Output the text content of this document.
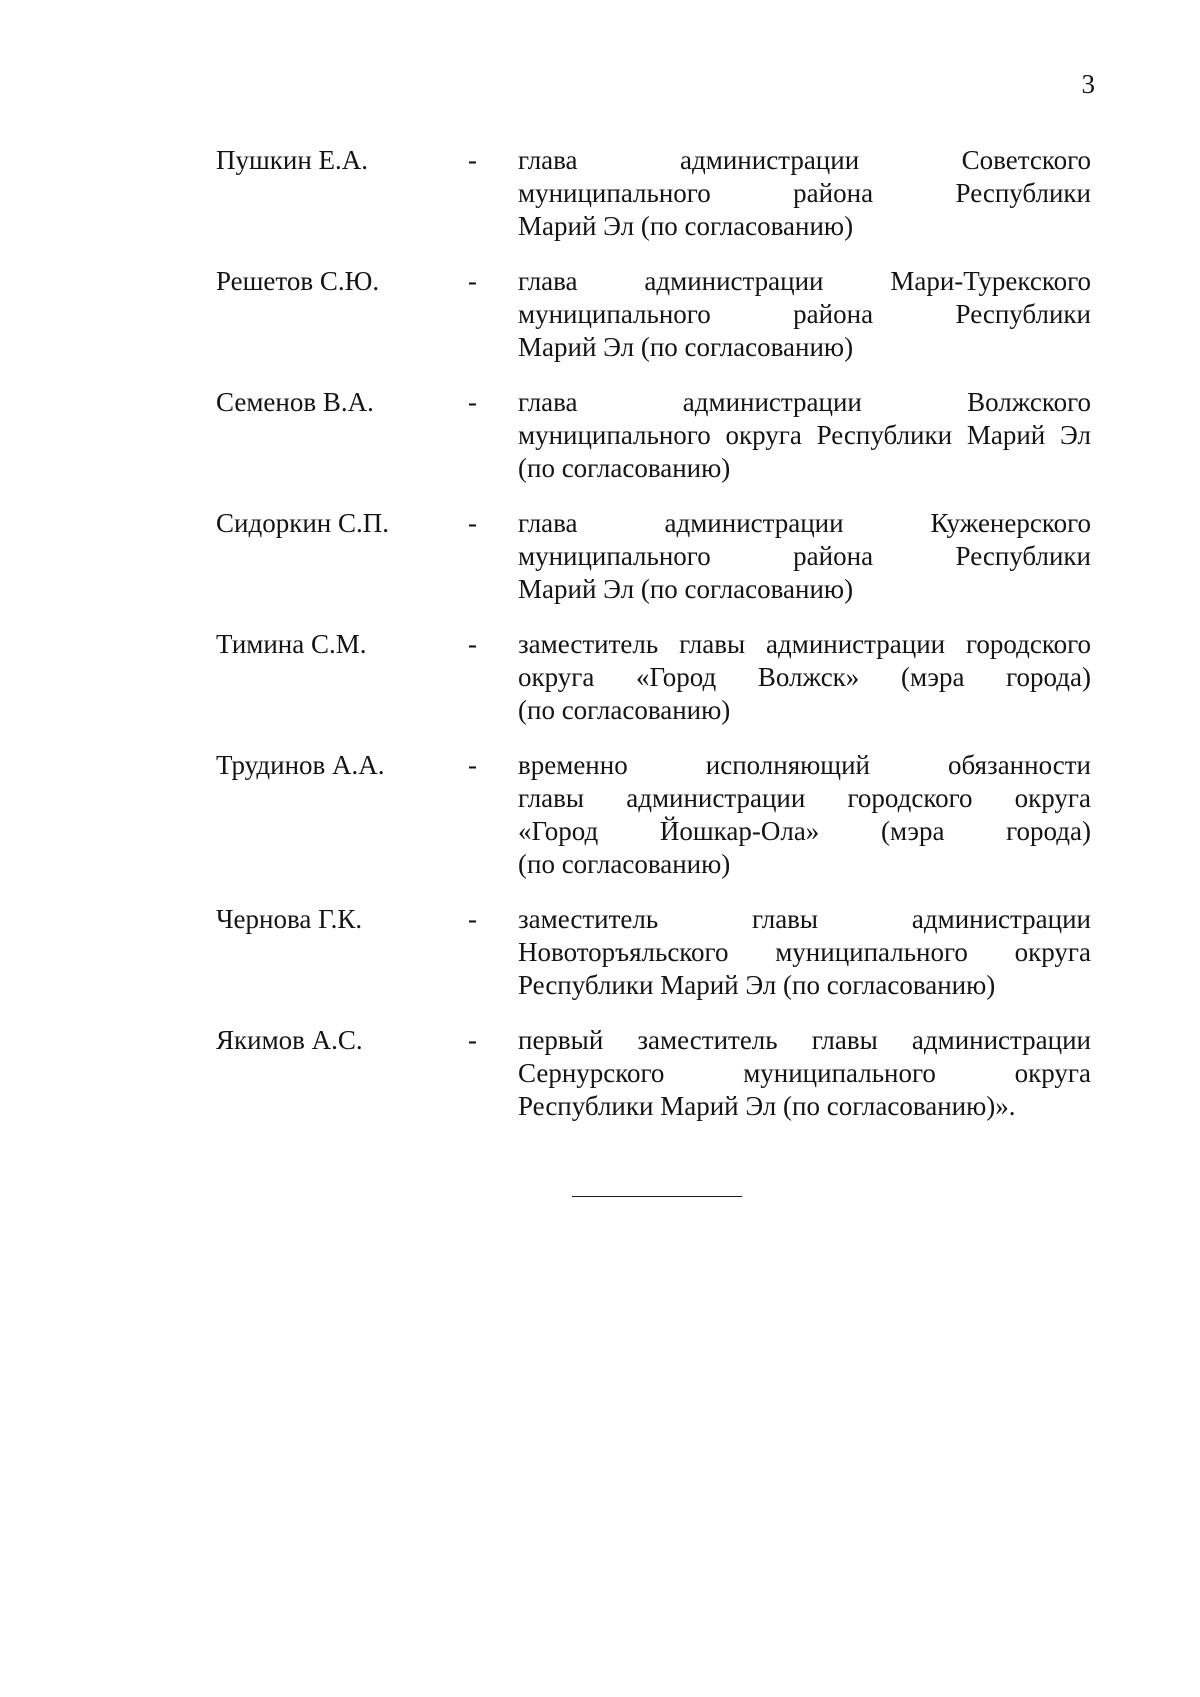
3
Пушкин Е.А.	-	глава администрации Советского
муниципального района Республики
Марий Эл (по согласованию)
Решетов С.Ю.	-	глава администрации Мари-Турекского
муниципального района Республики
Марий Эл (по согласованию)
Семенов В.А.	-	глава администрации Волжского
муниципального округа Республики Марий Эл
(по согласованию)
Сидоркин С.П.	-	глава администрации Куженерского
муниципального района Республики
Марий Эл (по согласованию)
Тимина С.М.	-	заместитель главы администрации городского
округа «Город Волжск» (мэра города)
(по согласованию)
Трудинов А.А.	-	временно исполняющий обязанности
главы администрации городского округа
«Город Йошкар-Ола» (мэра города)
(по согласованию)
Чернова Г.К.	-	заместитель главы администрации
Новоторъяльского муниципального округа
Республики Марий Эл (по согласованию)
Якимов А.С.	-	первый заместитель главы администрации
Сернурского муниципального округа
Республики Марий Эл (по согласованию)».
